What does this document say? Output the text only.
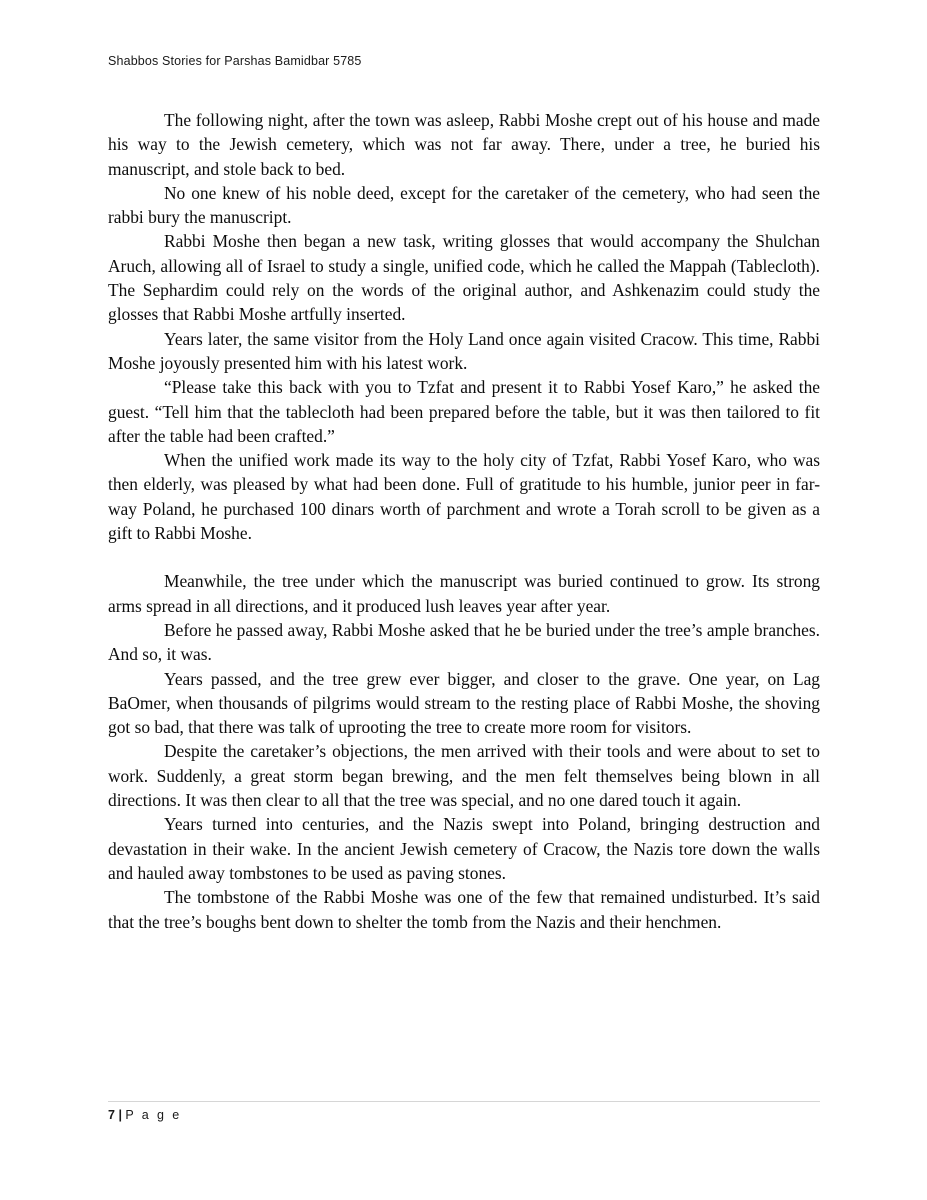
Shabbos Stories for Parshas Bamidbar 5785

The following night, after the town was asleep, Rabbi Moshe crept out of his house and made his way to the Jewish cemetery, which was not far away. There, under a tree, he buried his manuscript, and stole back to bed.

No one knew of his noble deed, except for the caretaker of the cemetery, who had seen the rabbi bury the manuscript.

Rabbi Moshe then began a new task, writing glosses that would accompany the Shulchan Aruch, allowing all of Israel to study a single, unified code, which he called the Mappah (Tablecloth). The Sephardim could rely on the words of the original author, and Ashkenazim could study the glosses that Rabbi Moshe artfully inserted.

Years later, the same visitor from the Holy Land once again visited Cracow. This time, Rabbi Moshe joyously presented him with his latest work.

“Please take this back with you to Tzfat and present it to Rabbi Yosef Karo,” he asked the guest. “Tell him that the tablecloth had been prepared before the table, but it was then tailored to fit after the table had been crafted.”

When the unified work made its way to the holy city of Tzfat, Rabbi Yosef Karo, who was then elderly, was pleased by what had been done. Full of gratitude to his humble, junior peer in far-way Poland, he purchased 100 dinars worth of parchment and wrote a Torah scroll to be given as a gift to Rabbi Moshe.

Meanwhile, the tree under which the manuscript was buried continued to grow. Its strong arms spread in all directions, and it produced lush leaves year after year.

Before he passed away, Rabbi Moshe asked that he be buried under the tree’s ample branches. And so, it was.

Years passed, and the tree grew ever bigger, and closer to the grave. One year, on Lag BaOmer, when thousands of pilgrims would stream to the resting place of Rabbi Moshe, the shoving got so bad, that there was talk of uprooting the tree to create more room for visitors.

Despite the caretaker’s objections, the men arrived with their tools and were about to set to work. Suddenly, a great storm began brewing, and the men felt themselves being blown in all directions. It was then clear to all that the tree was special, and no one dared touch it again.

Years turned into centuries, and the Nazis swept into Poland, bringing destruction and devastation in their wake. In the ancient Jewish cemetery of Cracow, the Nazis tore down the walls and hauled away tombstones to be used as paving stones.

The tombstone of the Rabbi Moshe was one of the few that remained undisturbed. It’s said that the tree’s boughs bent down to shelter the tomb from the Nazis and their henchmen.

7 | P a g e
